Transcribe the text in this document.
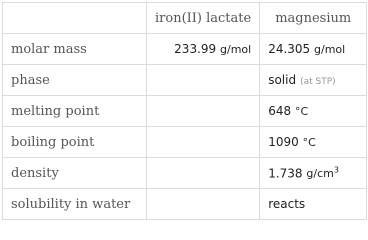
	iron(II) lactate	magnesium
molar mass	233.99 g/mol	24.305 g/mol
phase		solid (at STP)
melting point		648 °C
boiling point		1090 °C
density		1.738 $g/cm^3$
solubility in water		reacts
